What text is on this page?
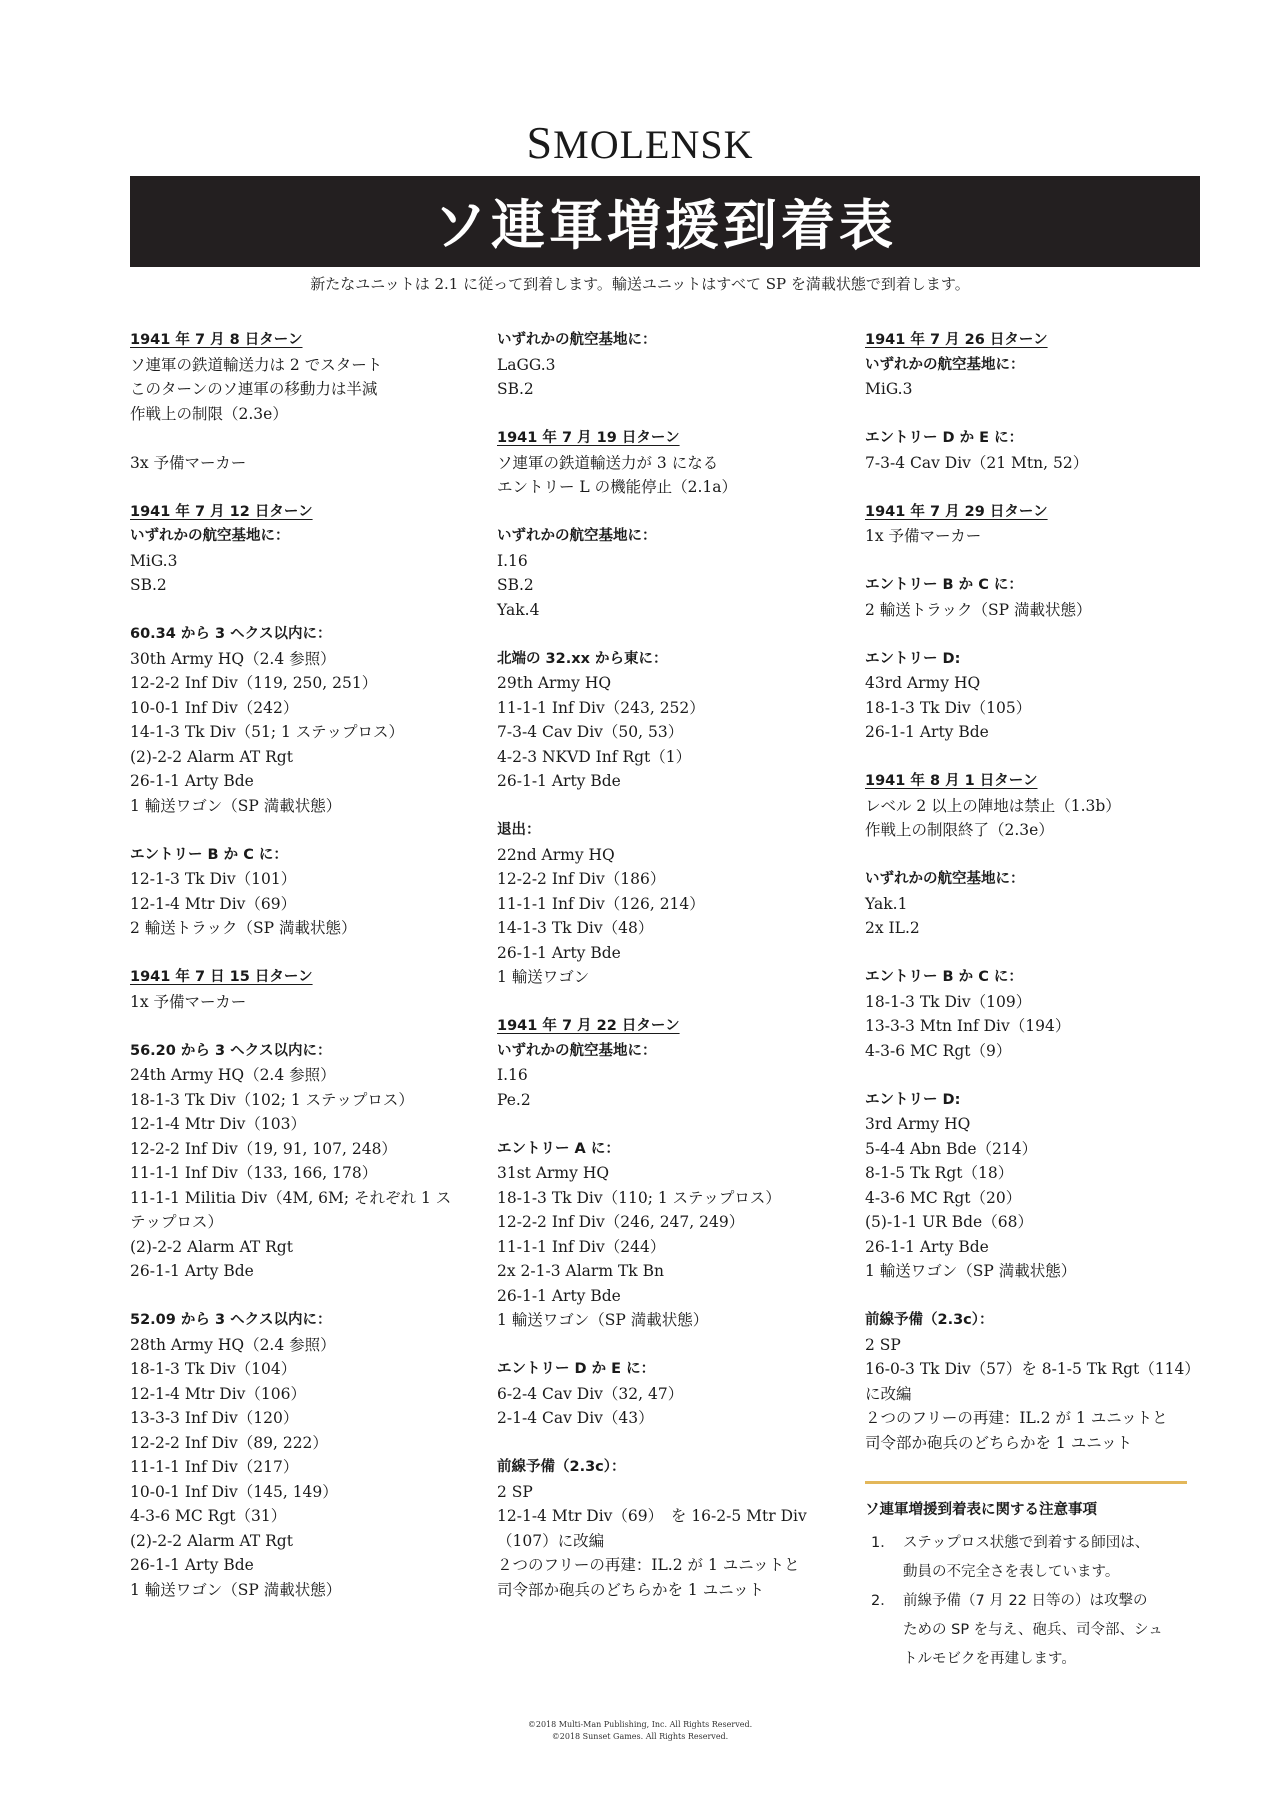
SMOLENSK
ソ連軍増援到着表
新たなユニットは 2.1 に従って到着します。輸送ユニットはすべて SP を満載状態で到着します。
1941 年 7 月 8 日ターン
ソ連軍の鉄道輸送力は 2 でスタート
このターンのソ連軍の移動力は半減
作戦上の制限（2.3e）

3x 予備マーカー
1941 年 7 月 12 日ターン
いずれかの航空基地に：
MiG.3
SB.2
60.34 から 3 ヘクス以内に：
30th Army HQ（2.4 参照）
12-2-2 Inf Div（119, 250, 251）
10-0-1 Inf Div（242）
14-1-3 Tk Div（51; 1 ステップロス）
(2)-2-2 Alarm AT Rgt
26-1-1 Arty Bde
1 輸送ワゴン（SP 満載状態）
エントリー B か C に：
12-1-3 Tk Div（101）
12-1-4 Mtr Div（69）
2 輸送トラック（SP 満載状態）
1941 年 7 日 15 日ターン
1x 予備マーカー
56.20 から 3 ヘクス以内に：
24th Army HQ（2.4 参照）
18-1-3 Tk Div（102; 1 ステップロス）
12-1-4 Mtr Div（103）
12-2-2 Inf Div（19, 91, 107, 248）
11-1-1 Inf Div（133, 166, 178）
11-1-1 Militia Div（4M, 6M; それぞれ 1 ス
テップロス）
(2)-2-2 Alarm AT Rgt
26-1-1 Arty Bde
52.09 から 3 ヘクス以内に：
28th Army HQ（2.4 参照）
18-1-3 Tk Div（104）
12-1-4 Mtr Div（106）
13-3-3 Inf Div（120）
12-2-2 Inf Div（89, 222）
11-1-1 Inf Div（217）
10-0-1 Inf Div（145, 149）
4-3-6 MC Rgt（31）
(2)-2-2 Alarm AT Rgt
26-1-1 Arty Bde
1 輸送ワゴン（SP 満載状態）
いずれかの航空基地に：
LaGG.3
SB.2
1941 年 7 月 19 日ターン
ソ連軍の鉄道輸送力が 3 になる
エントリー L の機能停止（2.1a）
いずれかの航空基地に：
I.16
SB.2
Yak.4
北端の 32.xx から東に：
29th Army HQ
11-1-1 Inf Div（243, 252）
7-3-4 Cav Div（50, 53）
4-2-3 NKVD Inf Rgt（1）
26-1-1 Arty Bde
退出：
22nd Army HQ
12-2-2 Inf Div（186）
11-1-1 Inf Div（126, 214）
14-1-3 Tk Div（48）
26-1-1 Arty Bde
1 輸送ワゴン
1941 年 7 月 22 日ターン
いずれかの航空基地に：
I.16
Pe.2
エントリー A に：
31st Army HQ
18-1-3 Tk Div（110; 1 ステップロス）
12-2-2 Inf Div（246, 247, 249）
11-1-1 Inf Div（244）
2x 2-1-3 Alarm Tk Bn
26-1-1 Arty Bde
1 輸送ワゴン（SP 満載状態）
エントリー D か E に：
6-2-4 Cav Div（32, 47）
2-1-4 Cav Div（43）
前線予備（2.3c）：
2 SP
12-1-4 Mtr Div（69）　を 16-2-5 Mtr Div
（107）に改編
２つのフリーの再建：IL.2 が 1 ユニットと
司令部か砲兵のどちらかを 1 ユニット
1941 年 7 月 26 日ターン
いずれかの航空基地に：
MiG.3
エントリー D か E に：
7-3-4 Cav Div（21 Mtn, 52）
1941 年 7 月 29 日ターン
1x 予備マーカー
エントリー B か C に：
2 輸送トラック（SP 満載状態）
エントリー D:
43rd Army HQ
18-1-3 Tk Div（105）
26-1-1 Arty Bde
1941 年 8 月 1 日ターン
レベル 2 以上の陣地は禁止（1.3b）
作戦上の制限終了（2.3e）
いずれかの航空基地に：
Yak.1
2x IL.2
エントリー B か C に：
18-1-3 Tk Div（109）
13-3-3 Mtn Inf Div（194）
4-3-6 MC Rgt（9）
エントリー D:
3rd Army HQ
5-4-4 Abn Bde（214）
8-1-5 Tk Rgt（18）
4-3-6 MC Rgt（20）
(5)-1-1 UR Bde（68）
26-1-1 Arty Bde
1 輸送ワゴン（SP 満載状態）
前線予備（2.3c）：
2 SP
16-0-3 Tk Div（57）を 8-1-5 Tk Rgt（114）
に改編
２つのフリーの再建：IL.2 が 1 ユニットと
司令部か砲兵のどちらかを 1 ユニット
ソ連軍増援到着表に関する注意事項
1． ステップロス状態で到着する師団は、
動員の不完全さを表しています。
2． 前線予備（7 月 22 日等の）は攻撃の
ための SP を与え、砲兵、司令部、シュ
トルモビクを再建します。
©2018 Multi-Man Publishing, Inc. All Rights Reserved.
©2018 Sunset Games. All Rights Reserved.
